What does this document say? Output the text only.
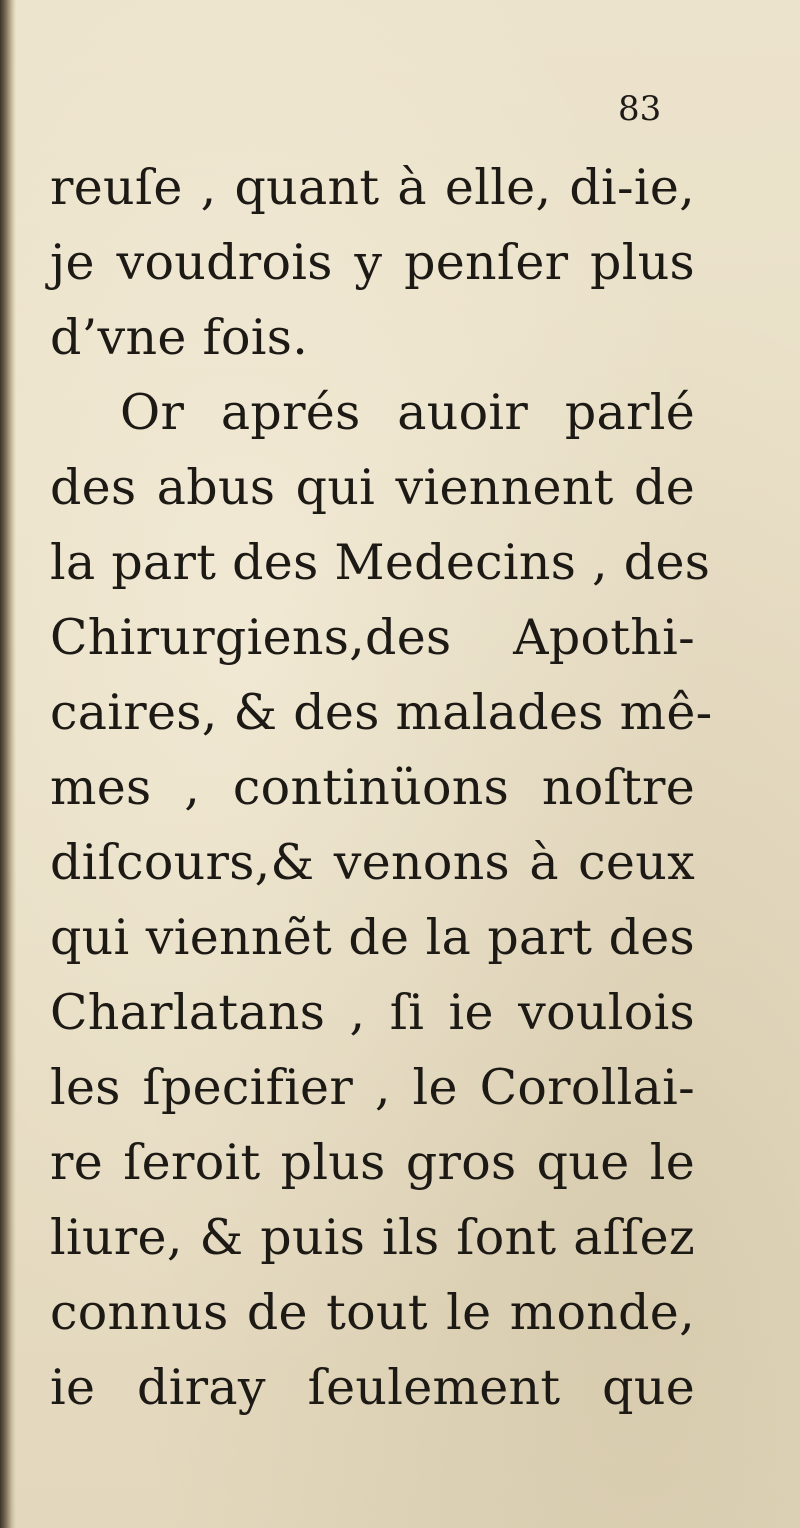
83
reuſe , quant à elle, di-ie,
je voudrois y penſer plus
d’vne fois.
Or aprés auoir parlé
des abus qui viennent de
la part des Medecins , des
Chirurgiens,des Apothi-
caires, & des malades mê-
mes , continüons noſtre
diſcours,& venons à ceux
qui viennẽt de la part des
Charlatans , ſi ie voulois
les ſpecifier , le Corollai-
re ſeroit plus gros que le
liure, & puis ils ſont aſſez
connus de tout le monde,
ie diray ſeulement que
